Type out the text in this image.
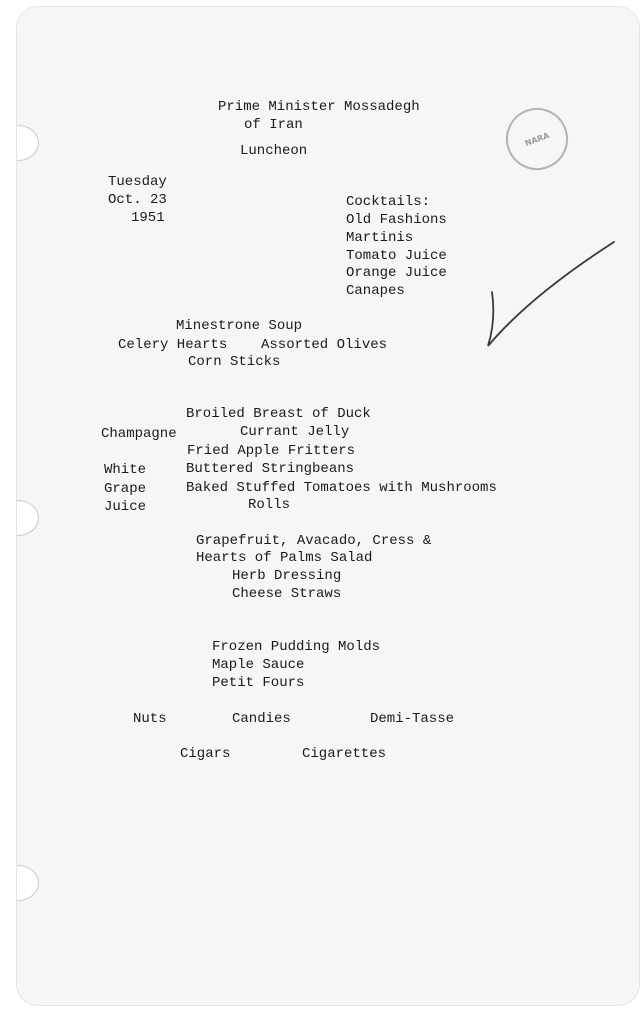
Prime Minister Mossadegh

of Iran

Luncheon

NARA

Tuesday

Oct. 23

1951

Cocktails:

Old Fashions

Martinis

Tomato Juice

Orange Juice

Canapes

Minestrone Soup

Celery Hearts Assorted Olives

Corn Sticks

Broiled Breast of Duck

Champagne	Currant Jelly

Fried Apple Fritters

White	Buttered Stringbeans

Grape	Baked Stuffed Tomatoes with Mushrooms

Juice	Rolls

Grapefruit, Avacado, Cress &

Hearts of Palms Salad

Herb Dressing

Cheese Straws

Frozen Pudding Molds

Maple Sauce

Petit Fours

Nuts	Candies	Demi-Tasse

Cigars	Cigarettes
